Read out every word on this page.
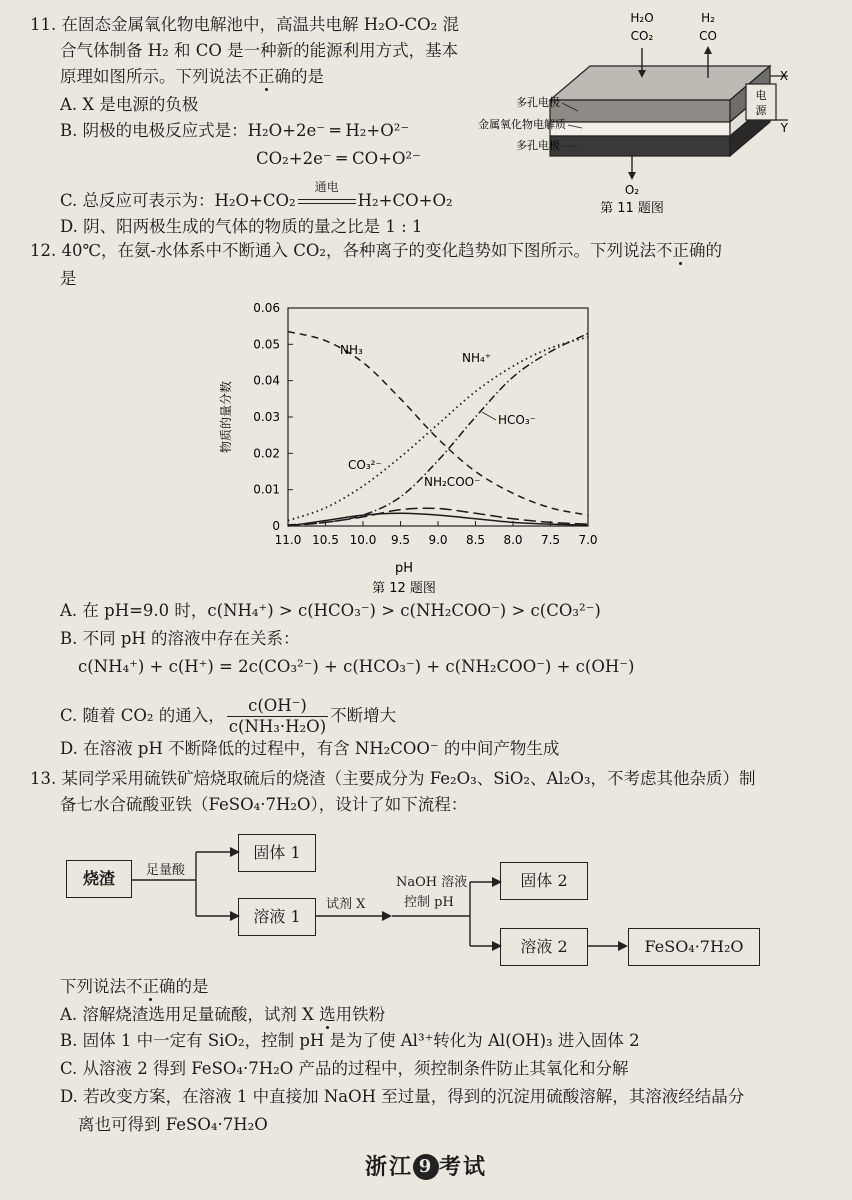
11. 在固态金属氧化物电解池中，高温共电解 H₂O-CO₂ 混
合气体制备 H₂ 和 CO 是一种新的能源利用方式，基本
原理如图所示。下列说法不正确的是
A. X 是电源的负极
B. 阴极的电极反应式是：H₂O+2e⁻ ═ H₂+O²⁻
CO₂+2e⁻ ═ CO+O²⁻
C. 总反应可表示为：H₂O+CO₂
通电
H₂+CO+O₂
D. 阴、阳两极生成的气体的物质的量之比是 1 : 1
H₂O
CO₂
H₂
CO
多孔电极
金属氧化物电解质
多孔电极
O₂
电
源
X
Y
第 11 题图
12. 40℃，在氨-水体系中不断通入 CO₂，各种离子的变化趋势如下图所示。下列说法不正确的
是
0
0.01
0.02
0.03
0.04
0.05
0.06
11.0 10.5 10.0 9.5 9.0 8.5 8.0 7.5 7.0
pH
物质的量分数
NH₃
NH₄⁺
HCO₃⁻
CO₃²⁻
NH₂COO⁻
第 12 题图
A. 在 pH=9.0 时，c(NH₄⁺) > c(HCO₃⁻) > c(NH₂COO⁻) > c(CO₃²⁻)
B. 不同 pH 的溶液中存在关系：
c(NH₄⁺) + c(H⁺) = 2c(CO₃²⁻) + c(HCO₃⁻) + c(NH₂COO⁻) + c(OH⁻)
C. 随着 CO₂ 的通入， $\frac{c(OH^-)}{\text{c(NH₃·H₂O)}}$ 不断增大
D. 在溶液 pH 不断降低的过程中，有含 NH₂COO⁻ 的中间产物生成
13. 某同学采用硫铁矿焙烧取硫后的烧渣（主要成分为 Fe₂O₃、SiO₂、Al₂O₃，不考虑其他杂质）制
备七水合硫酸亚铁（FeSO₄·7H₂O），设计了如下流程：
烧渣
固体 1
溶液 1
固体 2
溶液 2	FeSO₄·7H₂O
足量酸
试剂 X
NaOH 溶液
控制 pH
下列说法不正确的是
A. 溶解烧渣选用足量硫酸，试剂 X 选用铁粉
B. 固体 1 中一定有 SiO₂，控制 pH 是为了使 Al³⁺转化为 Al(OH)₃ 进入固体 2
C. 从溶液 2 得到 FeSO₄·7H₂O 产品的过程中，须控制条件防止其氧化和分解
D. 若改变方案，在溶液 1 中直接加 NaOH 至过量，得到的沉淀用硫酸溶解，其溶液经结晶分
离也可得到 FeSO₄·7H₂O
浙江 9 考试
